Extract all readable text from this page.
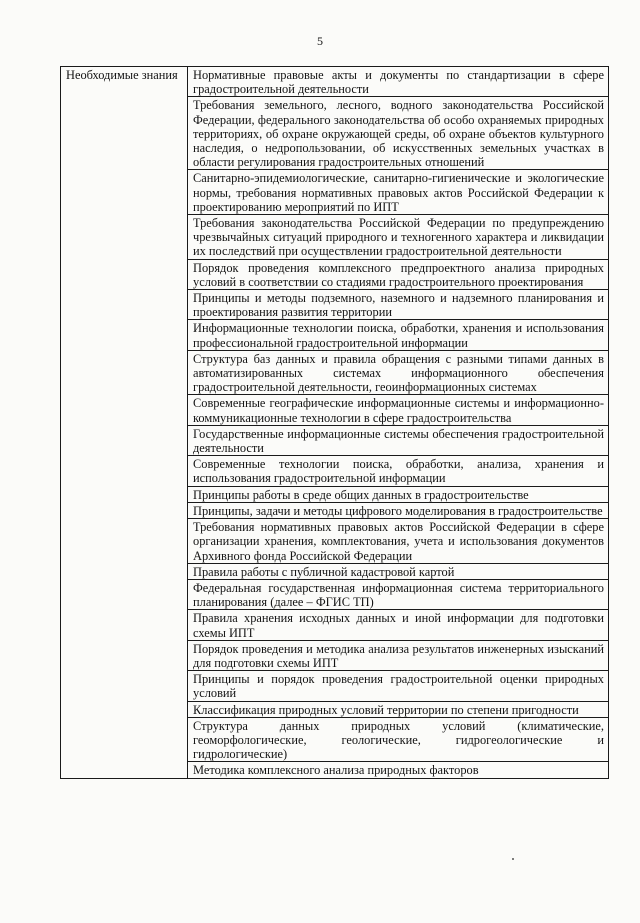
5
Необходимые знания	Нормативные правовые акты и документы по стандартизации в сфере градостроительной деятельности
Требования земельного, лесного, водного законодательства Российской Федерации, федерального законодательства об особо охраняемых природных территориях, об охране окружающей среды, об охране объектов культурного наследия, о недропользовании, об искусственных земельных участках в области регулирования градостроительных отношений
Санитарно-эпидемиологические, санитарно-гигиенические и экологические нормы, требования нормативных правовых актов Российской Федерации к проектированию мероприятий по ИПТ
Требования законодательства Российской Федерации по предупреждению чрезвычайных ситуаций природного и техногенного характера и ликвидации их последствий при осуществлении градостроительной деятельности
Порядок проведения комплексного предпроектного анализа природных условий в соответствии со стадиями градостроительного проектирования
Принципы и методы подземного, наземного и надземного планирования и проектирования развития территории
Информационные технологии поиска, обработки, хранения и использования профессиональной градостроительной информации
Структура баз данных и правила обращения с разными типами данных в автоматизированных системах информационного обеспечения градостроительной деятельности, геоинформационных системах
Современные географические информационные системы и информационно-коммуникационные технологии в сфере градостроительства
Государственные информационные системы обеспечения градостроительной деятельности
Современные технологии поиска, обработки, анализа, хранения и использования градостроительной информации
Принципы работы в среде общих данных в градостроительстве
Принципы, задачи и методы цифрового моделирования в градостроительстве
Требования нормативных правовых актов Российской Федерации в сфере организации хранения, комплектования, учета и использования документов Архивного фонда Российской Федерации
Правила работы с публичной кадастровой картой
Федеральная государственная информационная система территориального планирования (далее – ФГИС ТП)
Правила хранения исходных данных и иной информации для подготовки схемы ИПТ
Порядок проведения и методика анализа результатов инженерных изысканий для подготовки схемы ИПТ
Принципы и порядок проведения градостроительной оценки природных условий
Классификация природных условий территории по степени пригодности
Структура данных природных условий (климатические, геоморфологические, геологические, гидрогеологические и гидрологические)
Методика комплексного анализа природных факторов
